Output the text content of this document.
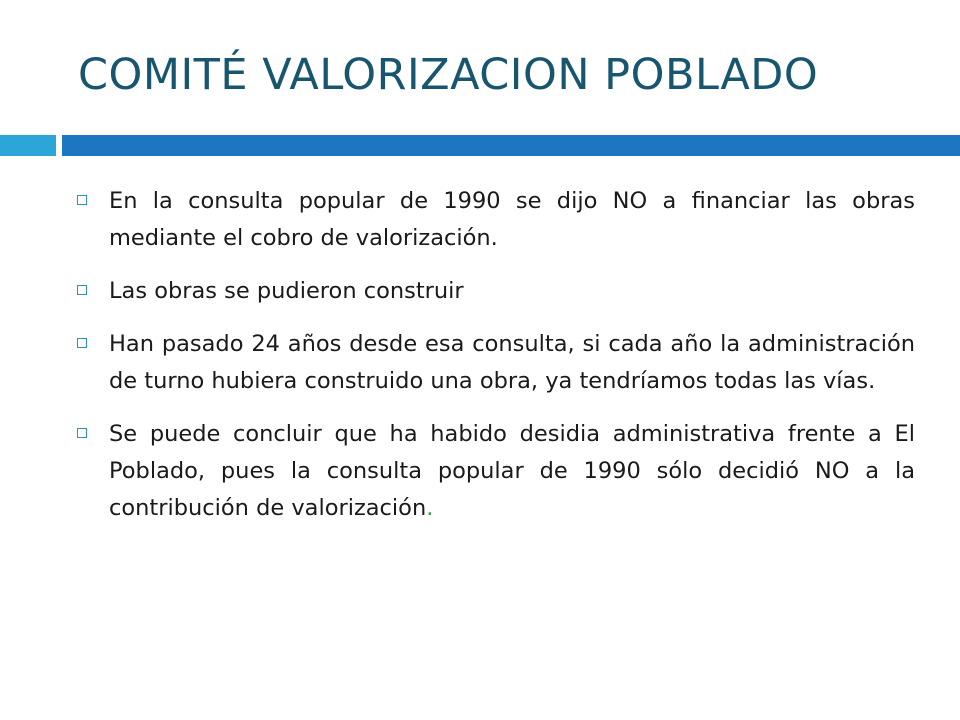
COMITÉ VALORIZACION POBLADO
En la consulta popular de 1990 se dijo NO a financiar las obras mediante el cobro de valorización.
Las obras se pudieron construir
Han pasado 24 años desde esa consulta, si cada año la administración de turno hubiera construido una obra, ya tendríamos todas las vías.
Se puede concluir que ha habido desidia administrativa frente a El Poblado, pues la consulta popular de 1990 sólo decidió NO a la contribución de valorización.
